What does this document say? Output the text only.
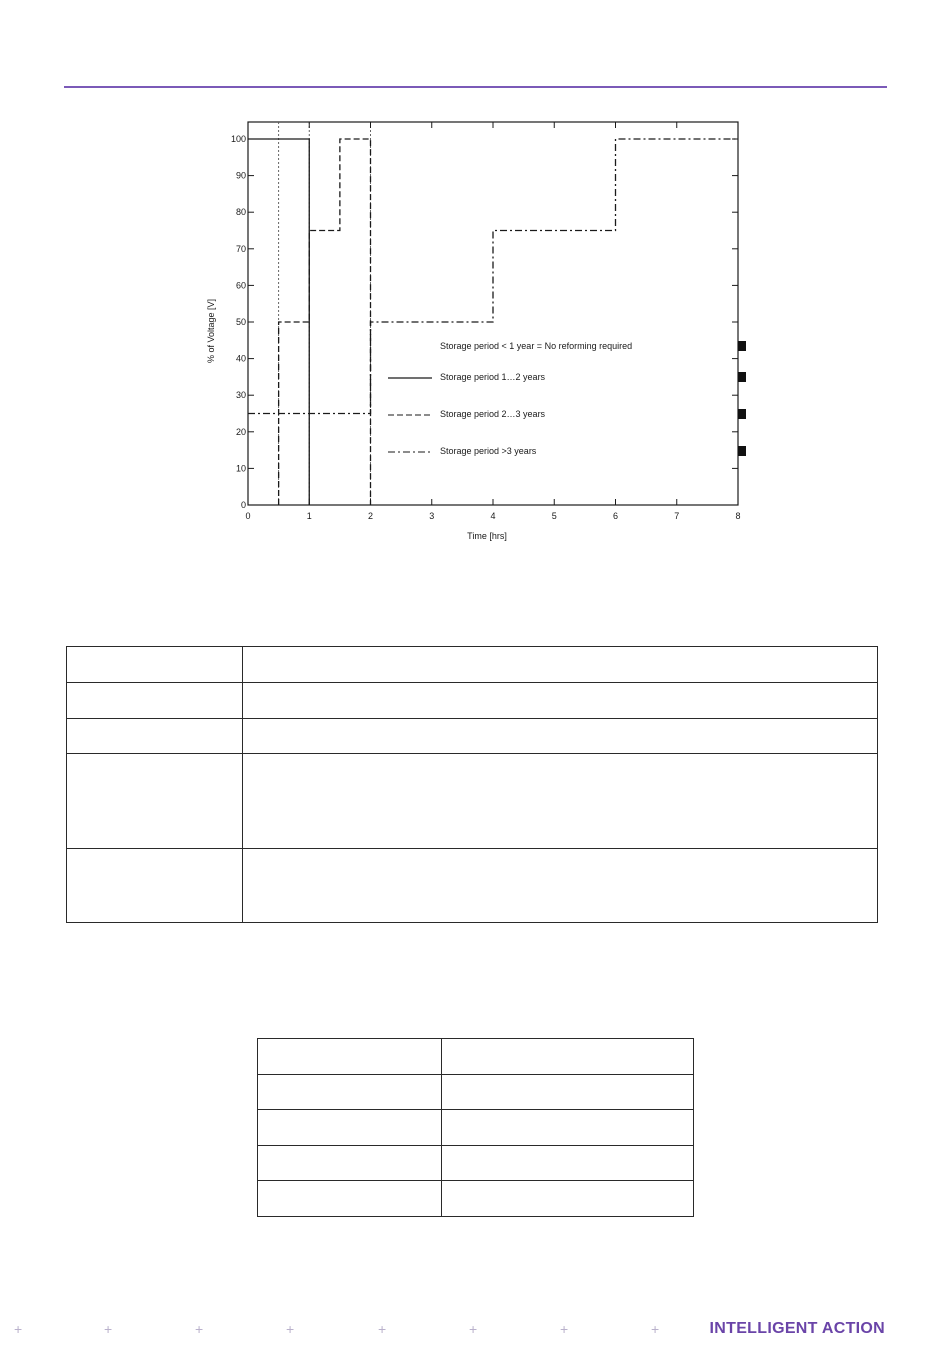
0	1	2	3	4	5	6	7	8
0
10
20
30
40
50
60
70
80
90
100
% of Voltage [V]
Time [hrs]
Storage period < 1 year = No reforming required
Storage period 1…2 years
Storage period 2…3 years
Storage period >3 years

+	+	+	+	+	+	+	+	INTELLIGENT ACTION
